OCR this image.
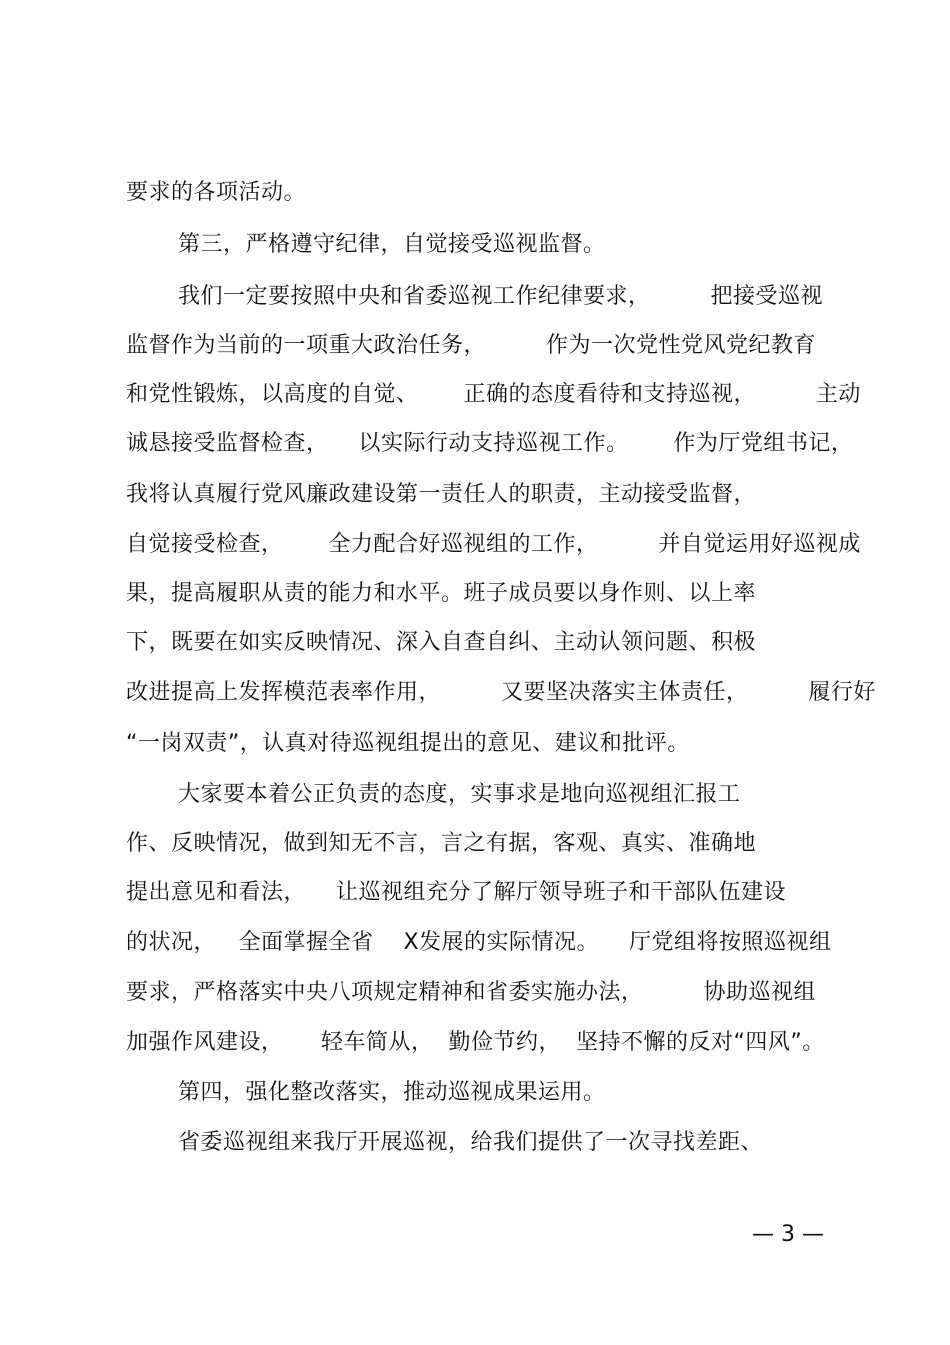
要求的各项活动。
第三，严格遵守纪律，自觉接受巡视监督。
我们一定要按照中央和省委巡视工作纪律要求，        把接受巡视
监督作为当前的一项重大政治任务，        作为一次党性党风党纪教育
和党性锻炼，以高度的自觉、      正确的态度看待和支持巡视，        主动
诚恳接受监督检查，    以实际行动支持巡视工作。      作为厅党组书记，
我将认真履行党风廉政建设第一责任人的职责，主动接受监督，
自觉接受检查，      全力配合好巡视组的工作，        并自觉运用好巡视成
果，提高履职从责的能力和水平。班子成员要以身作则、以上率
下，既要在如实反映情况、深入自查自纠、主动认领问题、积极
改进提高上发挥模范表率作用，        又要坚决落实主体责任，        履行好
“一岗双责”，认真对待巡视组提出的意见、建议和批评。
大家要本着公正负责的态度，实事求是地向巡视组汇报工
作、反映情况，做到知无不言，言之有据，客观、真实、准确地
提出意见和看法，    让巡视组充分了解厅领导班子和干部队伍建设
的状况，   全面掌握全省    X发展的实际情况。    厅党组将按照巡视组
要求，严格落实中央八项规定精神和省委实施办法，        协助巡视组
加强作风建设，     轻车简从，  勤俭节约，  坚持不懈的反对“四风”。
第四，强化整改落实，推动巡视成果运用。
省委巡视组来我厅开展巡视，给我们提供了一次寻找差距、
— 3 —
